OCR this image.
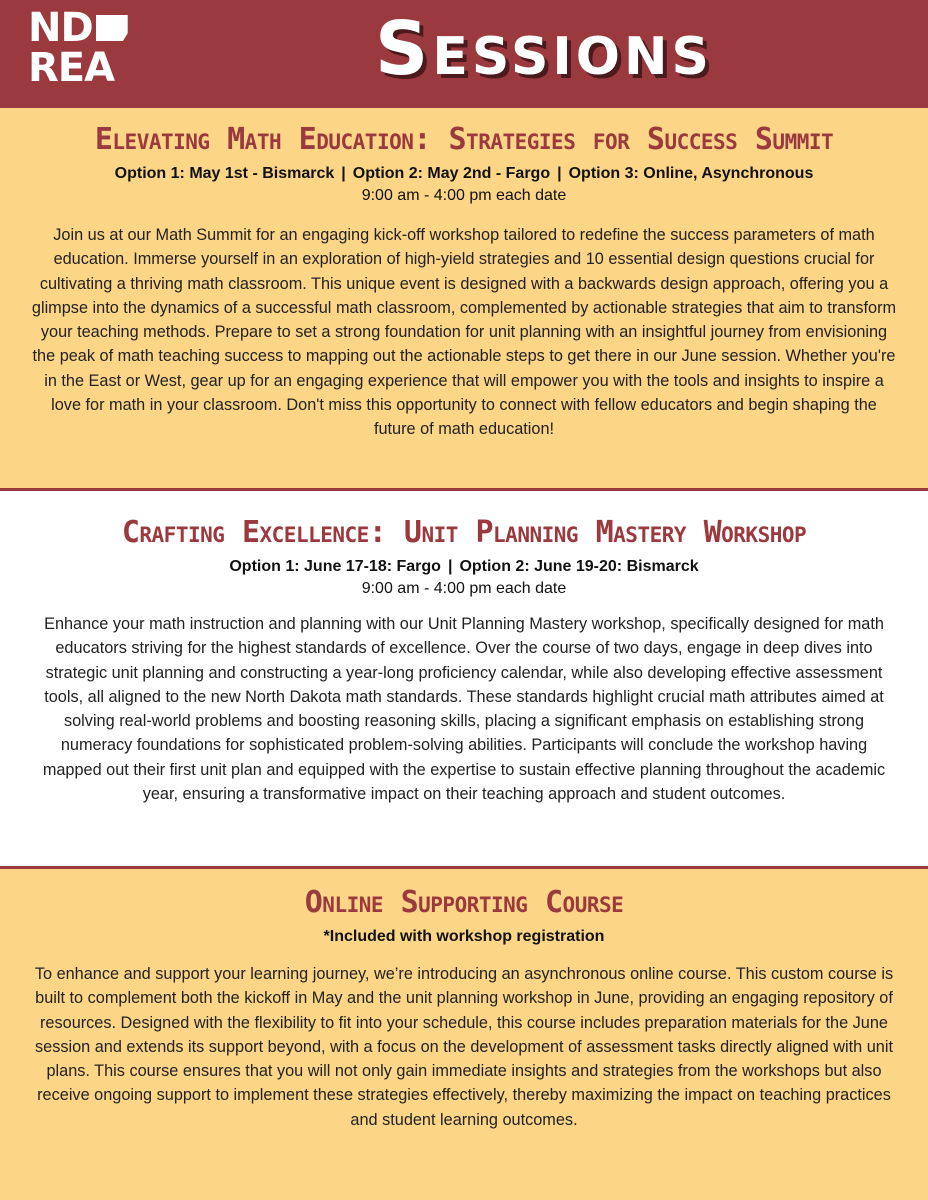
ND
REA	Sessions
Elevating Math Education: Strategies for Success Summit
Option 1: May 1st - Bismarck | Option 2: May 2nd - Fargo | Option 3: Online, Asynchronous
9:00 am - 4:00 pm each date
Join us at our Math Summit for an engaging kick-off workshop tailored to redefine the success parameters of math education. Immerse yourself in an exploration of high-yield strategies and 10 essential design questions crucial for cultivating a thriving math classroom. This unique event is designed with a backwards design approach, offering you a glimpse into the dynamics of a successful math classroom, complemented by actionable strategies that aim to transform your teaching methods. Prepare to set a strong foundation for unit planning with an insightful journey from envisioning the peak of math teaching success to mapping out the actionable steps to get there in our June session. Whether you're in the East or West, gear up for an engaging experience that will empower you with the tools and insights to inspire a love for math in your classroom. Don't miss this opportunity to connect with fellow educators and begin shaping the future of math education!
Crafting Excellence: Unit Planning Mastery Workshop
Option 1: June 17-18: Fargo | Option 2: June 19-20: Bismarck
9:00 am - 4:00 pm each date
Enhance your math instruction and planning with our Unit Planning Mastery workshop, specifically designed for math educators striving for the highest standards of excellence. Over the course of two days, engage in deep dives into strategic unit planning and constructing a year-long proficiency calendar, while also developing effective assessment tools, all aligned to the new North Dakota math standards. These standards highlight crucial math attributes aimed at solving real-world problems and boosting reasoning skills, placing a significant emphasis on establishing strong numeracy foundations for sophisticated problem-solving abilities. Participants will conclude the workshop having mapped out their first unit plan and equipped with the expertise to sustain effective planning throughout the academic year, ensuring a transformative impact on their teaching approach and student outcomes.
Online Supporting Course
*Included with workshop registration
To enhance and support your learning journey, we’re introducing an asynchronous online course. This custom course is built to complement both the kickoff in May and the unit planning workshop in June, providing an engaging repository of resources. Designed with the flexibility to fit into your schedule, this course includes preparation materials for the June session and extends its support beyond, with a focus on the development of assessment tasks directly aligned with unit plans. This course ensures that you will not only gain immediate insights and strategies from the workshops but also receive ongoing support to implement these strategies effectively, thereby maximizing the impact on teaching practices and student learning outcomes.
